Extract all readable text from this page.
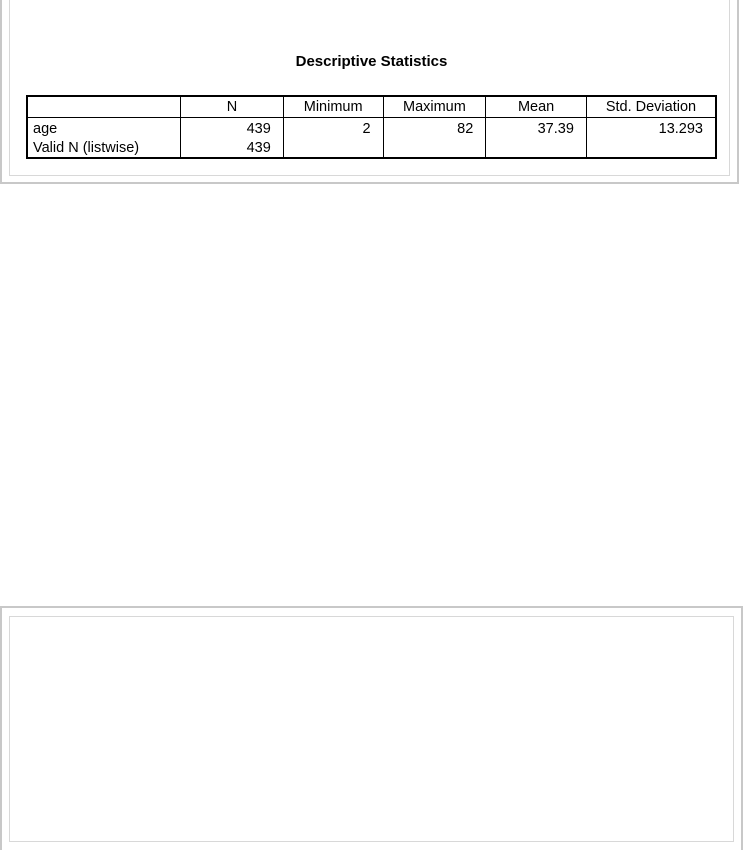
Descriptive Statistics
	N	Minimum	Maximum	Mean	Std. Deviation
age	439	2	82	37.39	13.293
Valid N (listwise)	439				
